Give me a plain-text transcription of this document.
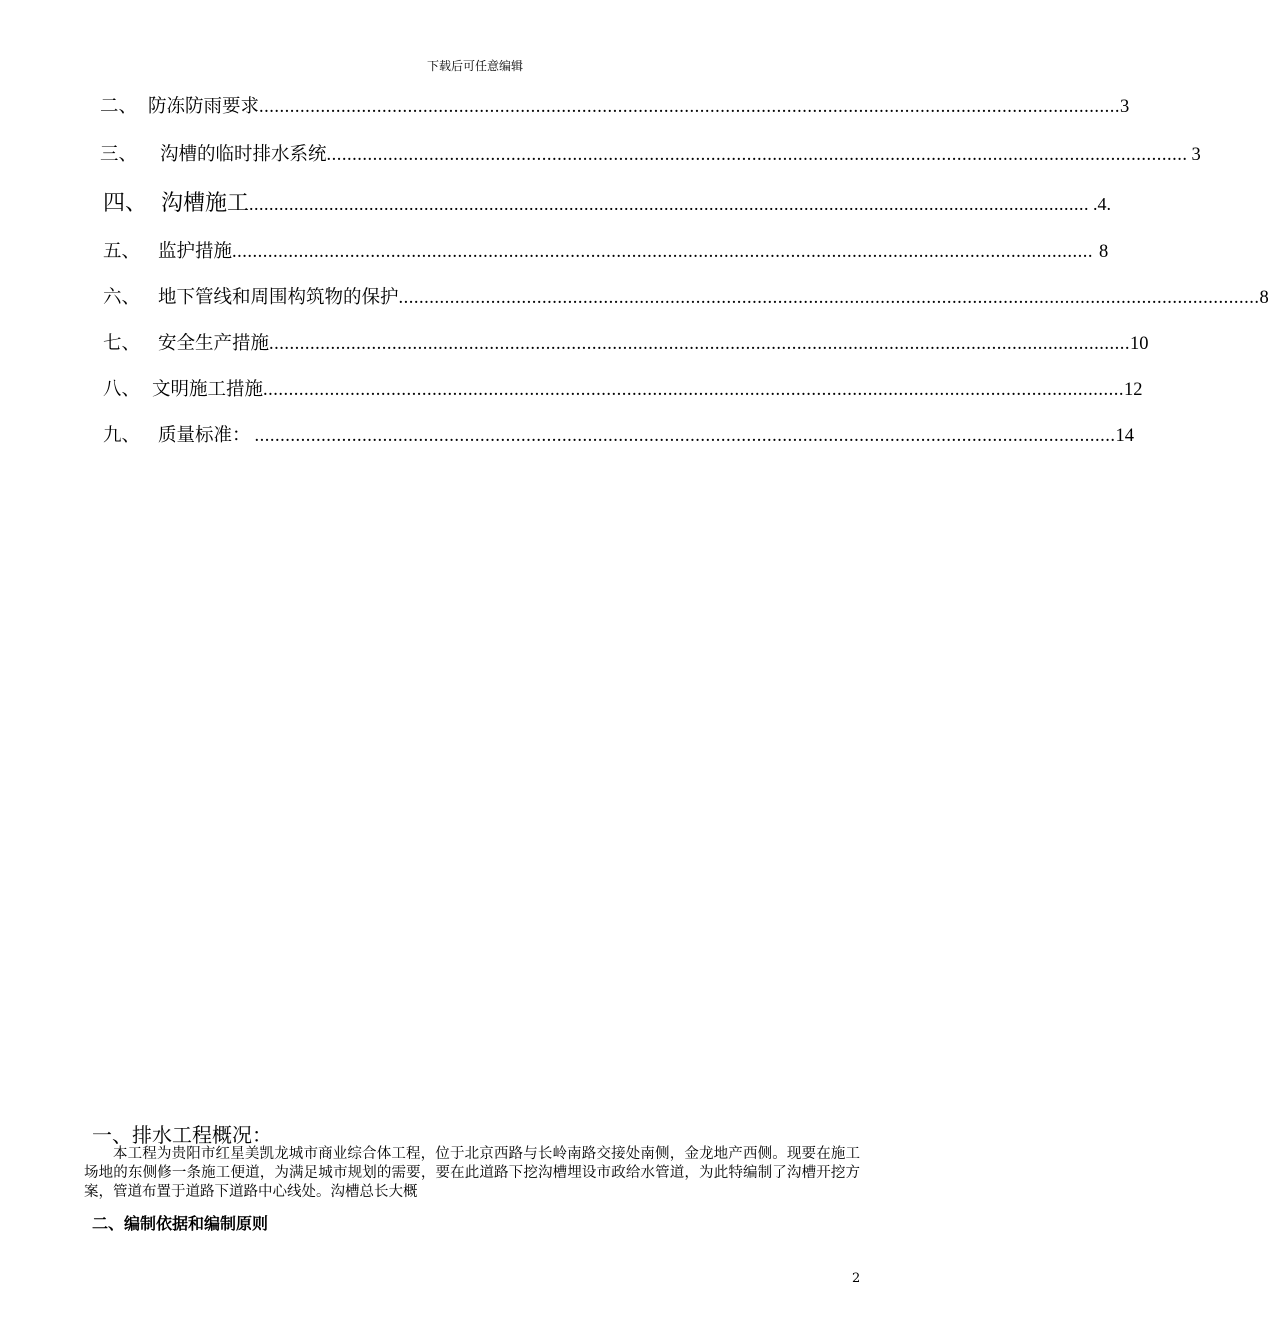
下载后可任意编辑
二、 防冻防雨要求 ........................................................................................................................................................................ 3
三、	沟槽的临时排水系统 ........................................................................................................................................................................ 3
四、 沟槽施工 ........................................................................................................................................................................ .4.
五、 监护措施 ........................................................................................................................................................................ 8
六、 地下管线和周围构筑物的保护 ........................................................................................................................................................................ 8
七、 安全生产措施 ........................................................................................................................................................................ 10
八、 文明施工措施 ........................................................................................................................................................................ 12
九、 质量标准： ........................................................................................................................................................................ 14
一、排水工程概况：
本工程为贵阳市红星美凯龙城市商业综合体工程，位于北京西路与长岭南路交接处南侧，金龙地产西侧。现要在施工场地的东侧修一条施工便道，为满足城市规划的需要，要在此道路下挖沟槽埋设市政给水管道，为此特编制了沟槽开挖方案，管道布置于道路下道路中心线处。沟槽总长大概
二、编制依据和编制原则
2
